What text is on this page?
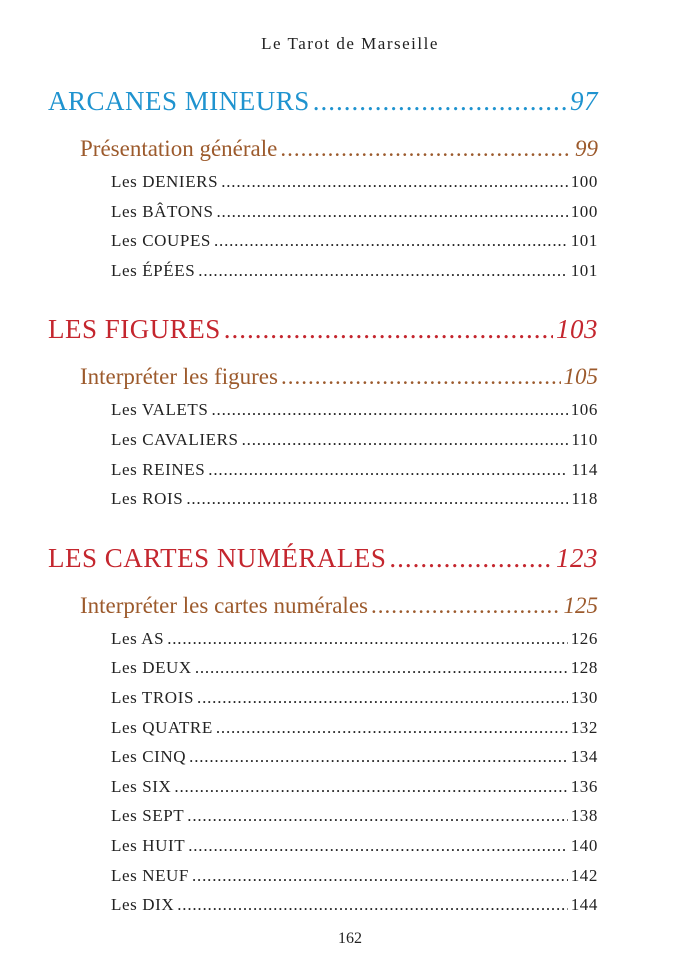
Le Tarot de Marseille
ARCANES MINEURS .....	97
Présentation générale .....	99
Les DENIERS .....	100
Les BÂTONS .....	100
Les COUPES .....	101
Les ÉPÉES .....	101
LES FIGURES .....	103
Interpréter les figures .....	105
Les VALETS .....	106
Les CAVALIERS .....	110
Les REINES .....	114
Les ROIS .....	118
LES CARTES NUMÉRALES .....	123
Interpréter les cartes numérales .....	125
Les AS .....	126
Les DEUX .....	128
Les TROIS .....	130
Les QUATRE .....	132
Les CINQ .....	134
Les SIX .....	136
Les SEPT .....	138
Les HUIT .....	140
Les NEUF .....	142
Les DIX .....	144
162
